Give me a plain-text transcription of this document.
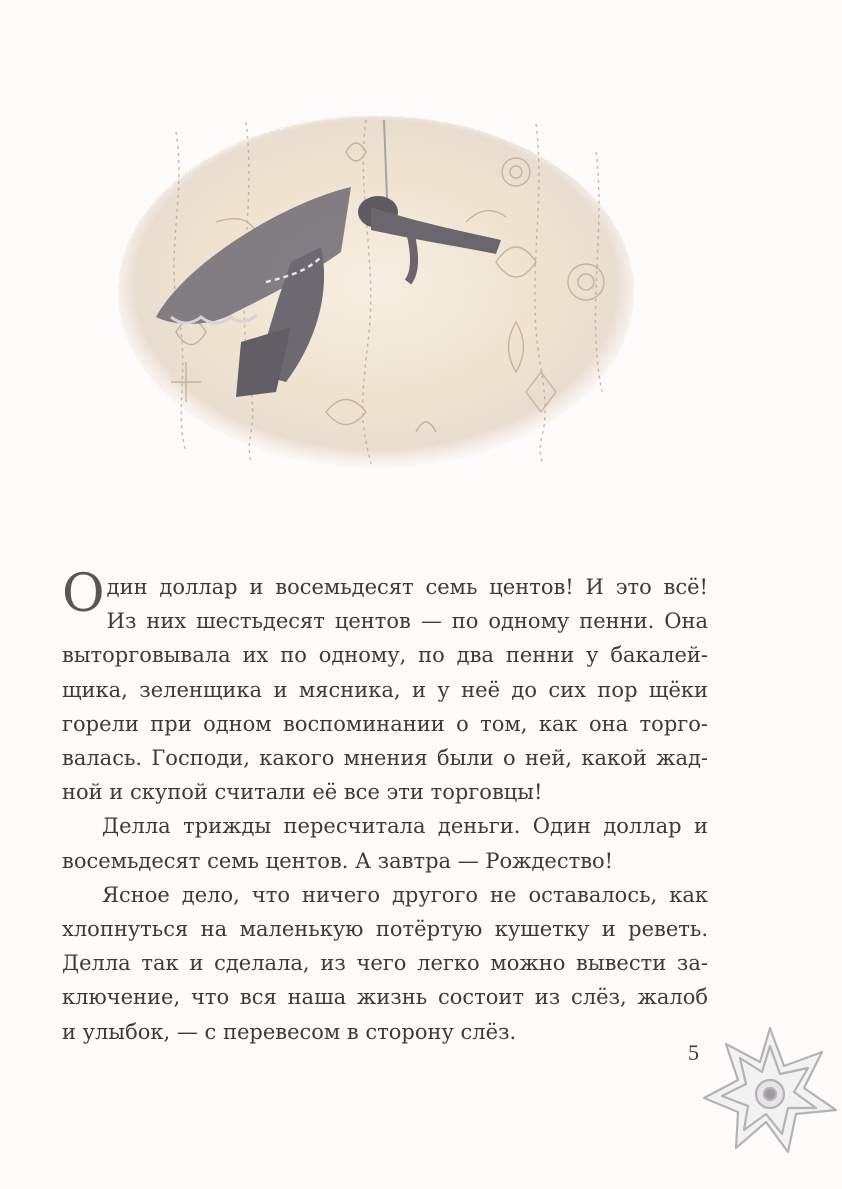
О дин доллар и восемьдесят семь центов! И это всё!
Из них шестьдесят центов — по одному пенни. Она
выторговывала их по одному, по два пенни у бакалей-
щика, зеленщика и мясника, и у неё до сих пор щёки
горели при одном воспоминании о том, как она торго-
валась. Господи, какого мнения были о ней, какой жад-
ной и скупой считали её все эти торговцы!

Делла трижды пересчитала деньги. Один доллар и
восемьдесят семь центов. А завтра — Рождество!

Ясное дело, что ничего другого не оставалось, как
хлопнуться на маленькую потёртую кушетку и реветь.
Делла так и сделала, из чего легко можно вывести за-
ключение, что вся наша жизнь состоит из слёз, жалоб
и улыбок, — с перевесом в сторону слёз.

5
